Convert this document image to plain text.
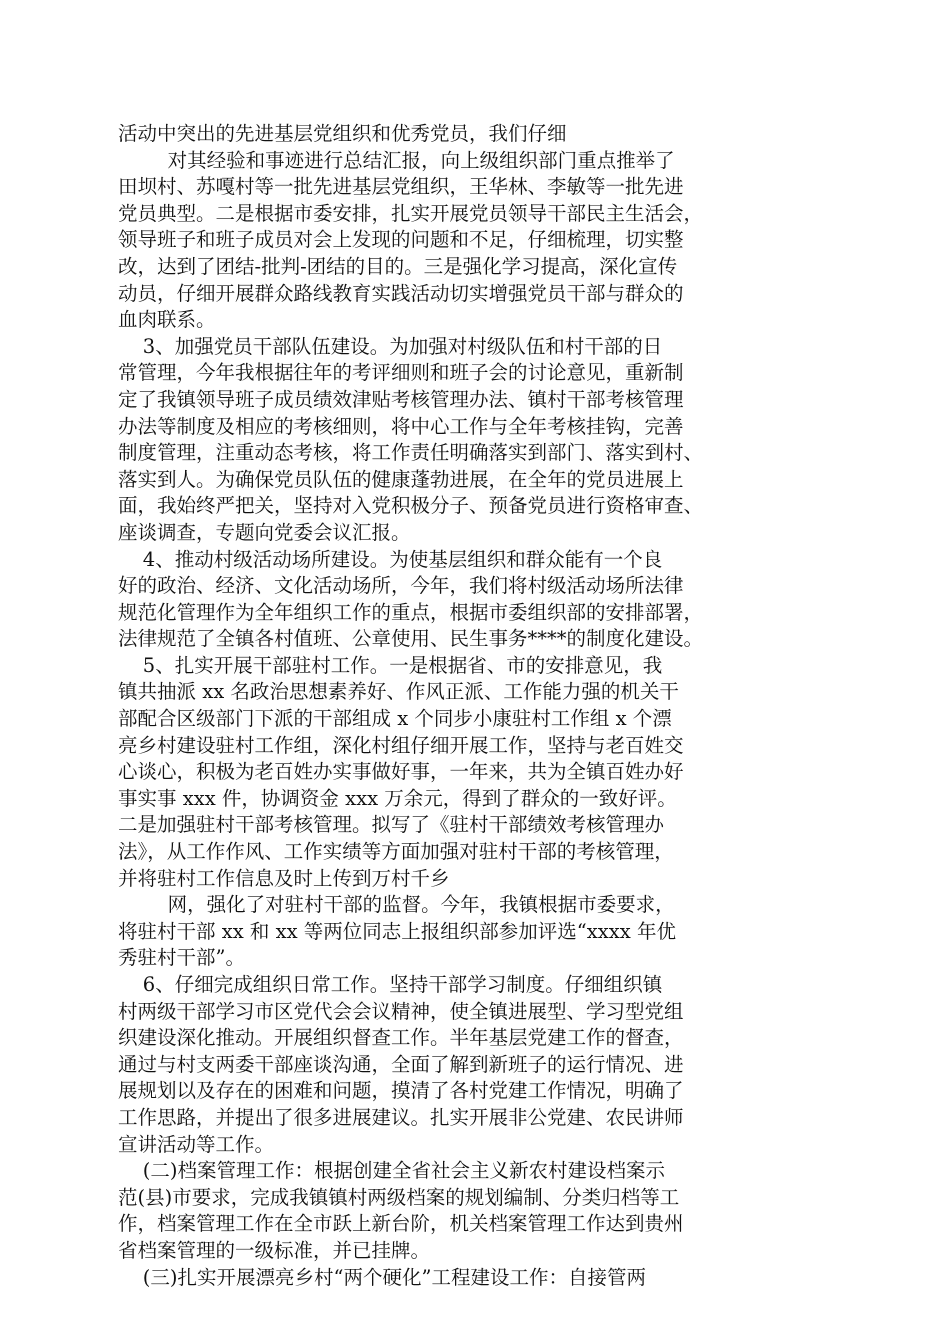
活动中突出的先进基层党组织和优秀党员，我们仔细
对其经验和事迹进行总结汇报，向上级组织部门重点推举了
田坝村、苏嘎村等一批先进基层党组织，王华林、李敏等一批先进
党员典型。二是根据市委安排，扎实开展党员领导干部民主生活会，
领导班子和班子成员对会上发现的问题和不足，仔细梳理，切实整
改，达到了团结-批判-团结的目的。三是强化学习提高，深化宣传
动员，仔细开展群众路线教育实践活动切实增强党员干部与群众的
血肉联系。
3、加强党员干部队伍建设。为加强对村级队伍和村干部的日
常管理，今年我根据往年的考评细则和班子会的讨论意见，重新制
定了我镇领导班子成员绩效津贴考核管理办法、镇村干部考核管理
办法等制度及相应的考核细则，将中心工作与全年考核挂钩，完善
制度管理，注重动态考核，将工作责任明确落实到部门、落实到村、
落实到人。为确保党员队伍的健康蓬勃进展，在全年的党员进展上
面，我始终严把关，坚持对入党积极分子、预备党员进行资格审查、
座谈调查，专题向党委会议汇报。
4、推动村级活动场所建设。为使基层组织和群众能有一个良
好的政治、经济、文化活动场所，今年，我们将村级活动场所法律
规范化管理作为全年组织工作的重点，根据市委组织部的安排部署，
法律规范了全镇各村值班、公章使用、民生事务****的制度化建设。
5、扎实开展干部驻村工作。一是根据省、市的安排意见，我
镇共抽派 xx 名政治思想素养好、作风正派、工作能力强的机关干
部配合区级部门下派的干部组成 x 个同步小康驻村工作组 x 个漂
亮乡村建设驻村工作组，深化村组仔细开展工作，坚持与老百姓交
心谈心，积极为老百姓办实事做好事，一年来，共为全镇百姓办好
事实事 xxx 件，协调资金 xxx 万余元，得到了群众的一致好评。
二是加强驻村干部考核管理。拟写了《驻村干部绩效考核管理办
法》，从工作作风、工作实绩等方面加强对驻村干部的考核管理，
并将驻村工作信息及时上传到万村千乡
网，强化了对驻村干部的监督。今年，我镇根据市委要求，
将驻村干部 xx 和 xx 等两位同志上报组织部参加评选“xxxx 年优
秀驻村干部”。
6、仔细完成组织日常工作。坚持干部学习制度。仔细组织镇
村两级干部学习市区党代会会议精神，使全镇进展型、学习型党组
织建设深化推动。开展组织督查工作。半年基层党建工作的督查，
通过与村支两委干部座谈沟通，全面了解到新班子的运行情况、进
展规划以及存在的困难和问题，摸清了各村党建工作情况，明确了
工作思路，并提出了很多进展建议。扎实开展非公党建、农民讲师
宣讲活动等工作。
(二)档案管理工作：根据创建全省社会主义新农村建设档案示
范(县)市要求，完成我镇镇村两级档案的规划编制、分类归档等工
作，档案管理工作在全市跃上新台阶，机关档案管理工作达到贵州
省档案管理的一级标准，并已挂牌。
(三)扎实开展漂亮乡村“两个硬化”工程建设工作：自接管两
